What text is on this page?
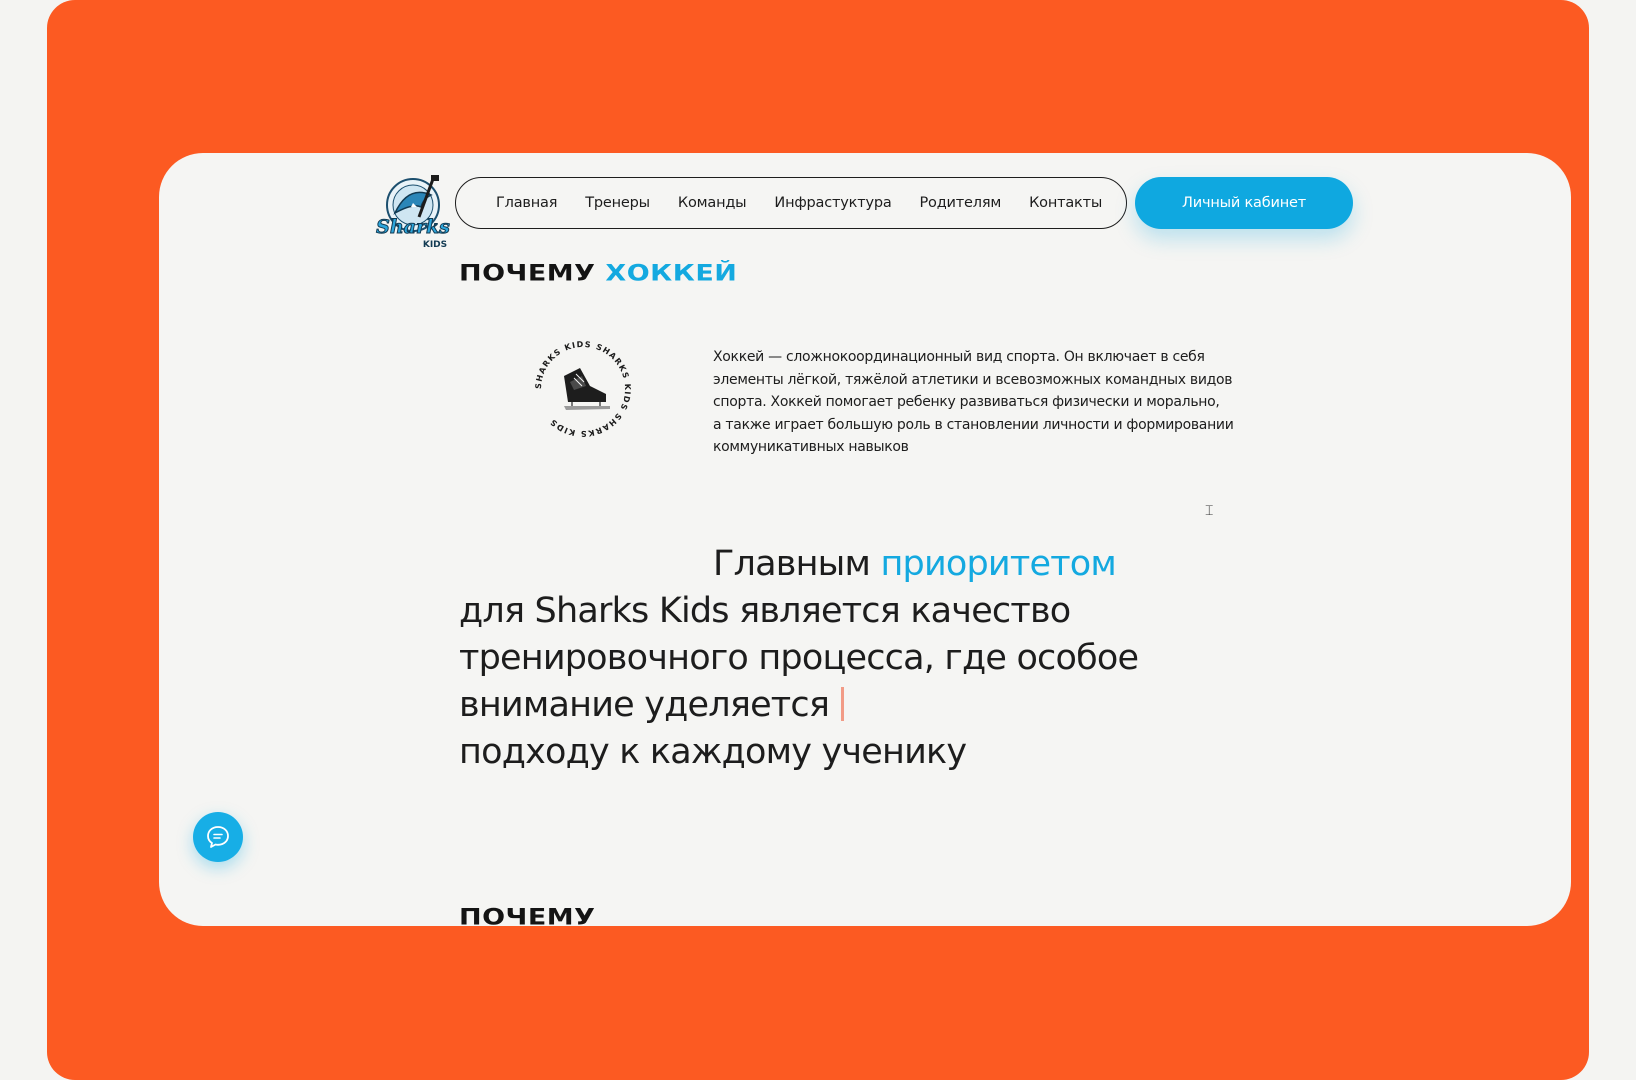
Sharks
KIDS
Главная Тренеры Команды Инфрастуктура Родителям Контакты	Личный кабинет
ПОЧЕМУ ХОККЕЙ
SHARKS KIDS SHARKS KIDS SHARKS KIDS
Хоккей — сложнокоординационный вид спорта. Он включает в себя
элементы лёгкой, тяжёлой атлетики и всевозможных командных видов
спорта. Хоккей помогает ребенку развиваться физически и морально,
а также играет большую роль в становлении личности и формировании
коммуникативных навыков
⌶
Главным приоритетом
для Sharks Kids является качество
тренировочного процесса, где особое
внимание уделяется
подходу к каждому ученику
ПОЧЕМУ
